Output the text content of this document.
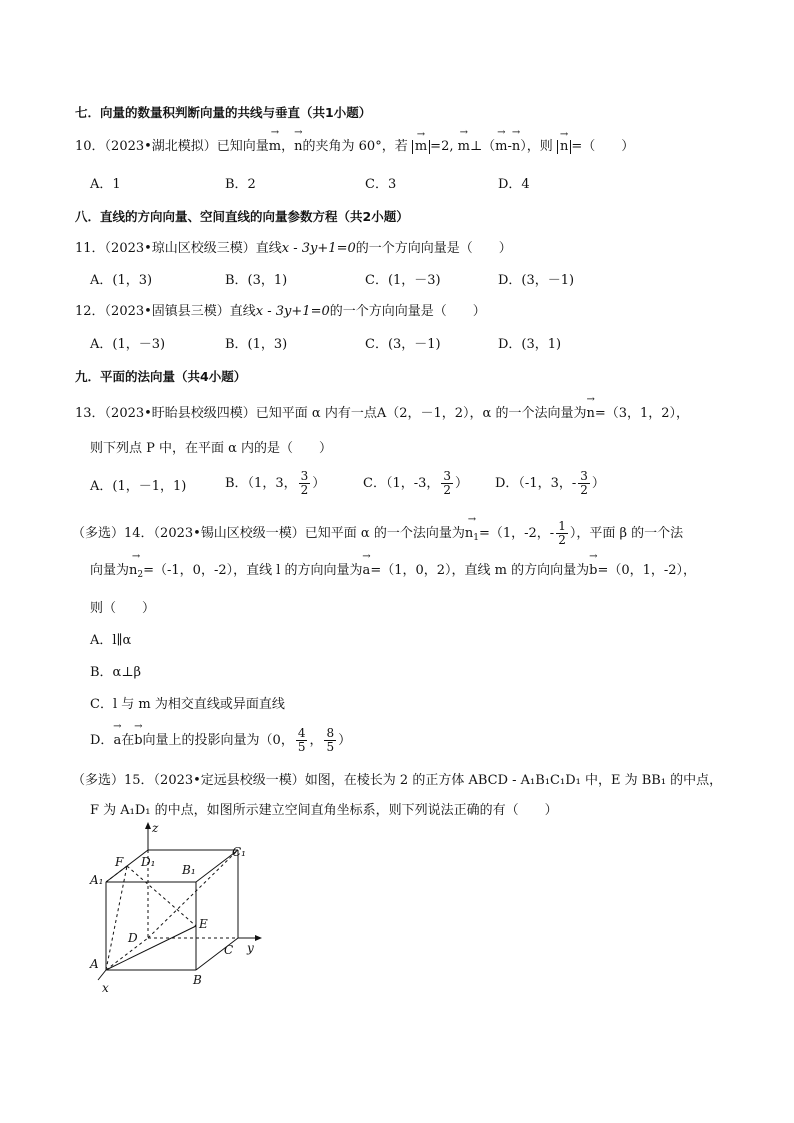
七．向量的数量积判断向量的共线与垂直（共1小题）
10．（2023•湖北模拟）已知向量→ m，→ n的夹角为 60°，若 → m =2, → m⊥（→ m-→ n），则 → n =（　　）
A．1	B．2	C．3	D．4
八．直线的方向向量、空间直线的向量参数方程（共2小题）
11．（2023•琼山区校级三模）直线x - 3y+1=0的一个方向向量是（　　）
A．(1，3)	B．(3，1)	C．(1，－3)	D．(3，－1)
12．（2023•固镇县三模）直线x - 3y+1=0的一个方向向量是（　　）
A．(1，－3)	B．(1，3)	C．(3，－1)	D．(3，1)
九．平面的法向量（共4小题）
13．（2023•盱眙县校级四模）已知平面 α 内有一点A（2，－1，2），α 的一个法向量为→ n=（3，1，2），
则下列点 P 中，在平面 α 内的是（　　）
A．(1，－1，1)	B．（1，3， $\frac{3}{2}$ ）	C．（1，-3， $\frac{3}{2}$ ） D．（-1，3，- $\frac{3}{2}$ ）
（多选）14．（2023•锡山区校级一模）已知平面 α 的一个法向量为→ $n_1=(1$，-2，- $\frac{1}{2}$ ），平面 β 的一个法
向量为→ $n_2=(-1$，0，-2），直线 l 的方向向量为→ a=（1，0，2），直线 m 的方向向量为→ b=（0，1，-2），
则（　　）
A．l∥α
B．α⊥β
C．l 与 m 为相交直线或异面直线
D．→ a在→ b向量上的投影向量为（0， $\frac{4}{5}$ ， $\frac{8}{5}$ ）
（多选）15．（2023•定远县校级一模）如图，在棱长为 2 的正方体 ABCD - A₁B₁C₁D₁ 中，E 为 BB₁ 的中点，
F 为 A₁D₁ 的中点，如图所示建立空间直角坐标系，则下列说法正确的有（　　）
z
y
x
A
B
C
D
A₁
B₁
C₁
D₁
E
F
